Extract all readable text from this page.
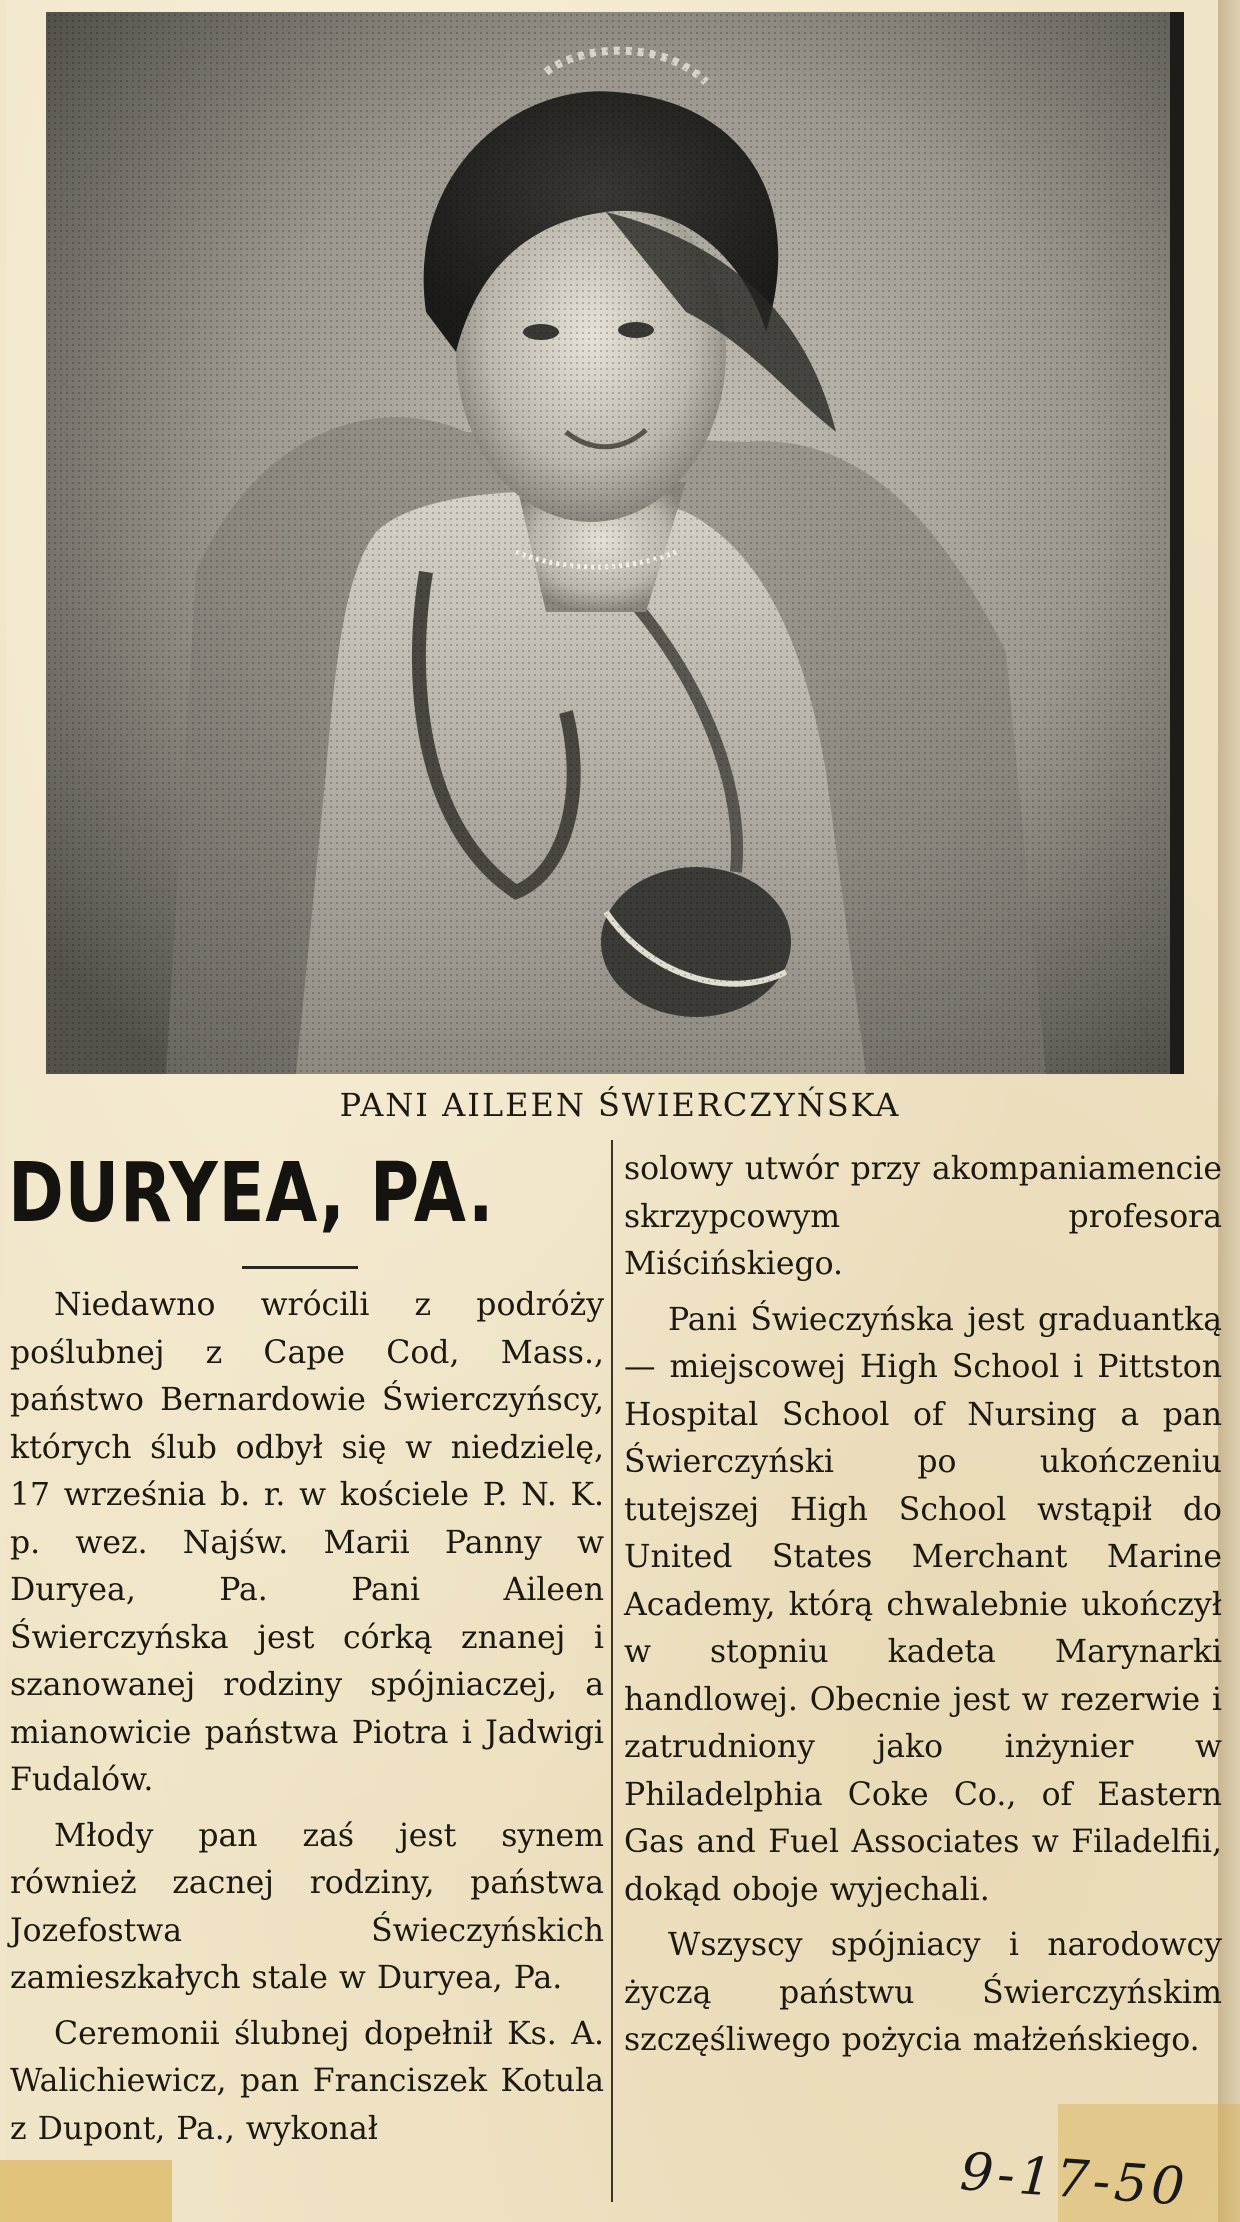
PANI AILEEN ŚWIERCZYŃSKA
DURYEA, PA.

Niedawno wrócili z podróży poślubnej z Cape Cod, Mass., państwo Bernardowie Świerczyńscy, których ślub odbył się w niedzielę, 17 września b. r. w kościele P. N. K. p. wez. Najśw. Marii Panny w Duryea, Pa. Pani Aileen Świerczyńska jest córką znanej i szanowanej rodziny spójniaczej, a mianowicie państwa Piotra i Jadwigi Fudalów.

Młody pan zaś jest synem również zacnej rodziny, państwa Jozefostwa Świeczyńskich zamieszkałych stale w Duryea, Pa.

Ceremonii ślubnej dopełnił Ks. A. Walichiewicz, pan Franciszek Kotula z Dupont, Pa., wykonał

solowy utwór przy akompaniamencie skrzypcowym profesora Miścińskiego.

Pani Świeczyńska jest graduantką — miejscowej High School i Pittston Hospital School of Nursing a pan Świerczyński po ukończeniu tutejszej High School wstąpił do United States Merchant Marine Academy, którą chwalebnie ukończył w stopniu kadeta Marynarki handlowej. Obecnie jest w rezerwie i zatrudniony jako inżynier w Philadelphia Coke Co., of Eastern Gas and Fuel Associates w Filadelfii, dokąd oboje wyjechali.

Wszyscy spójniacy i narodowcy życzą państwu Świerczyńskim szczęśliwego pożycia małżeńskiego.

9-17-50
